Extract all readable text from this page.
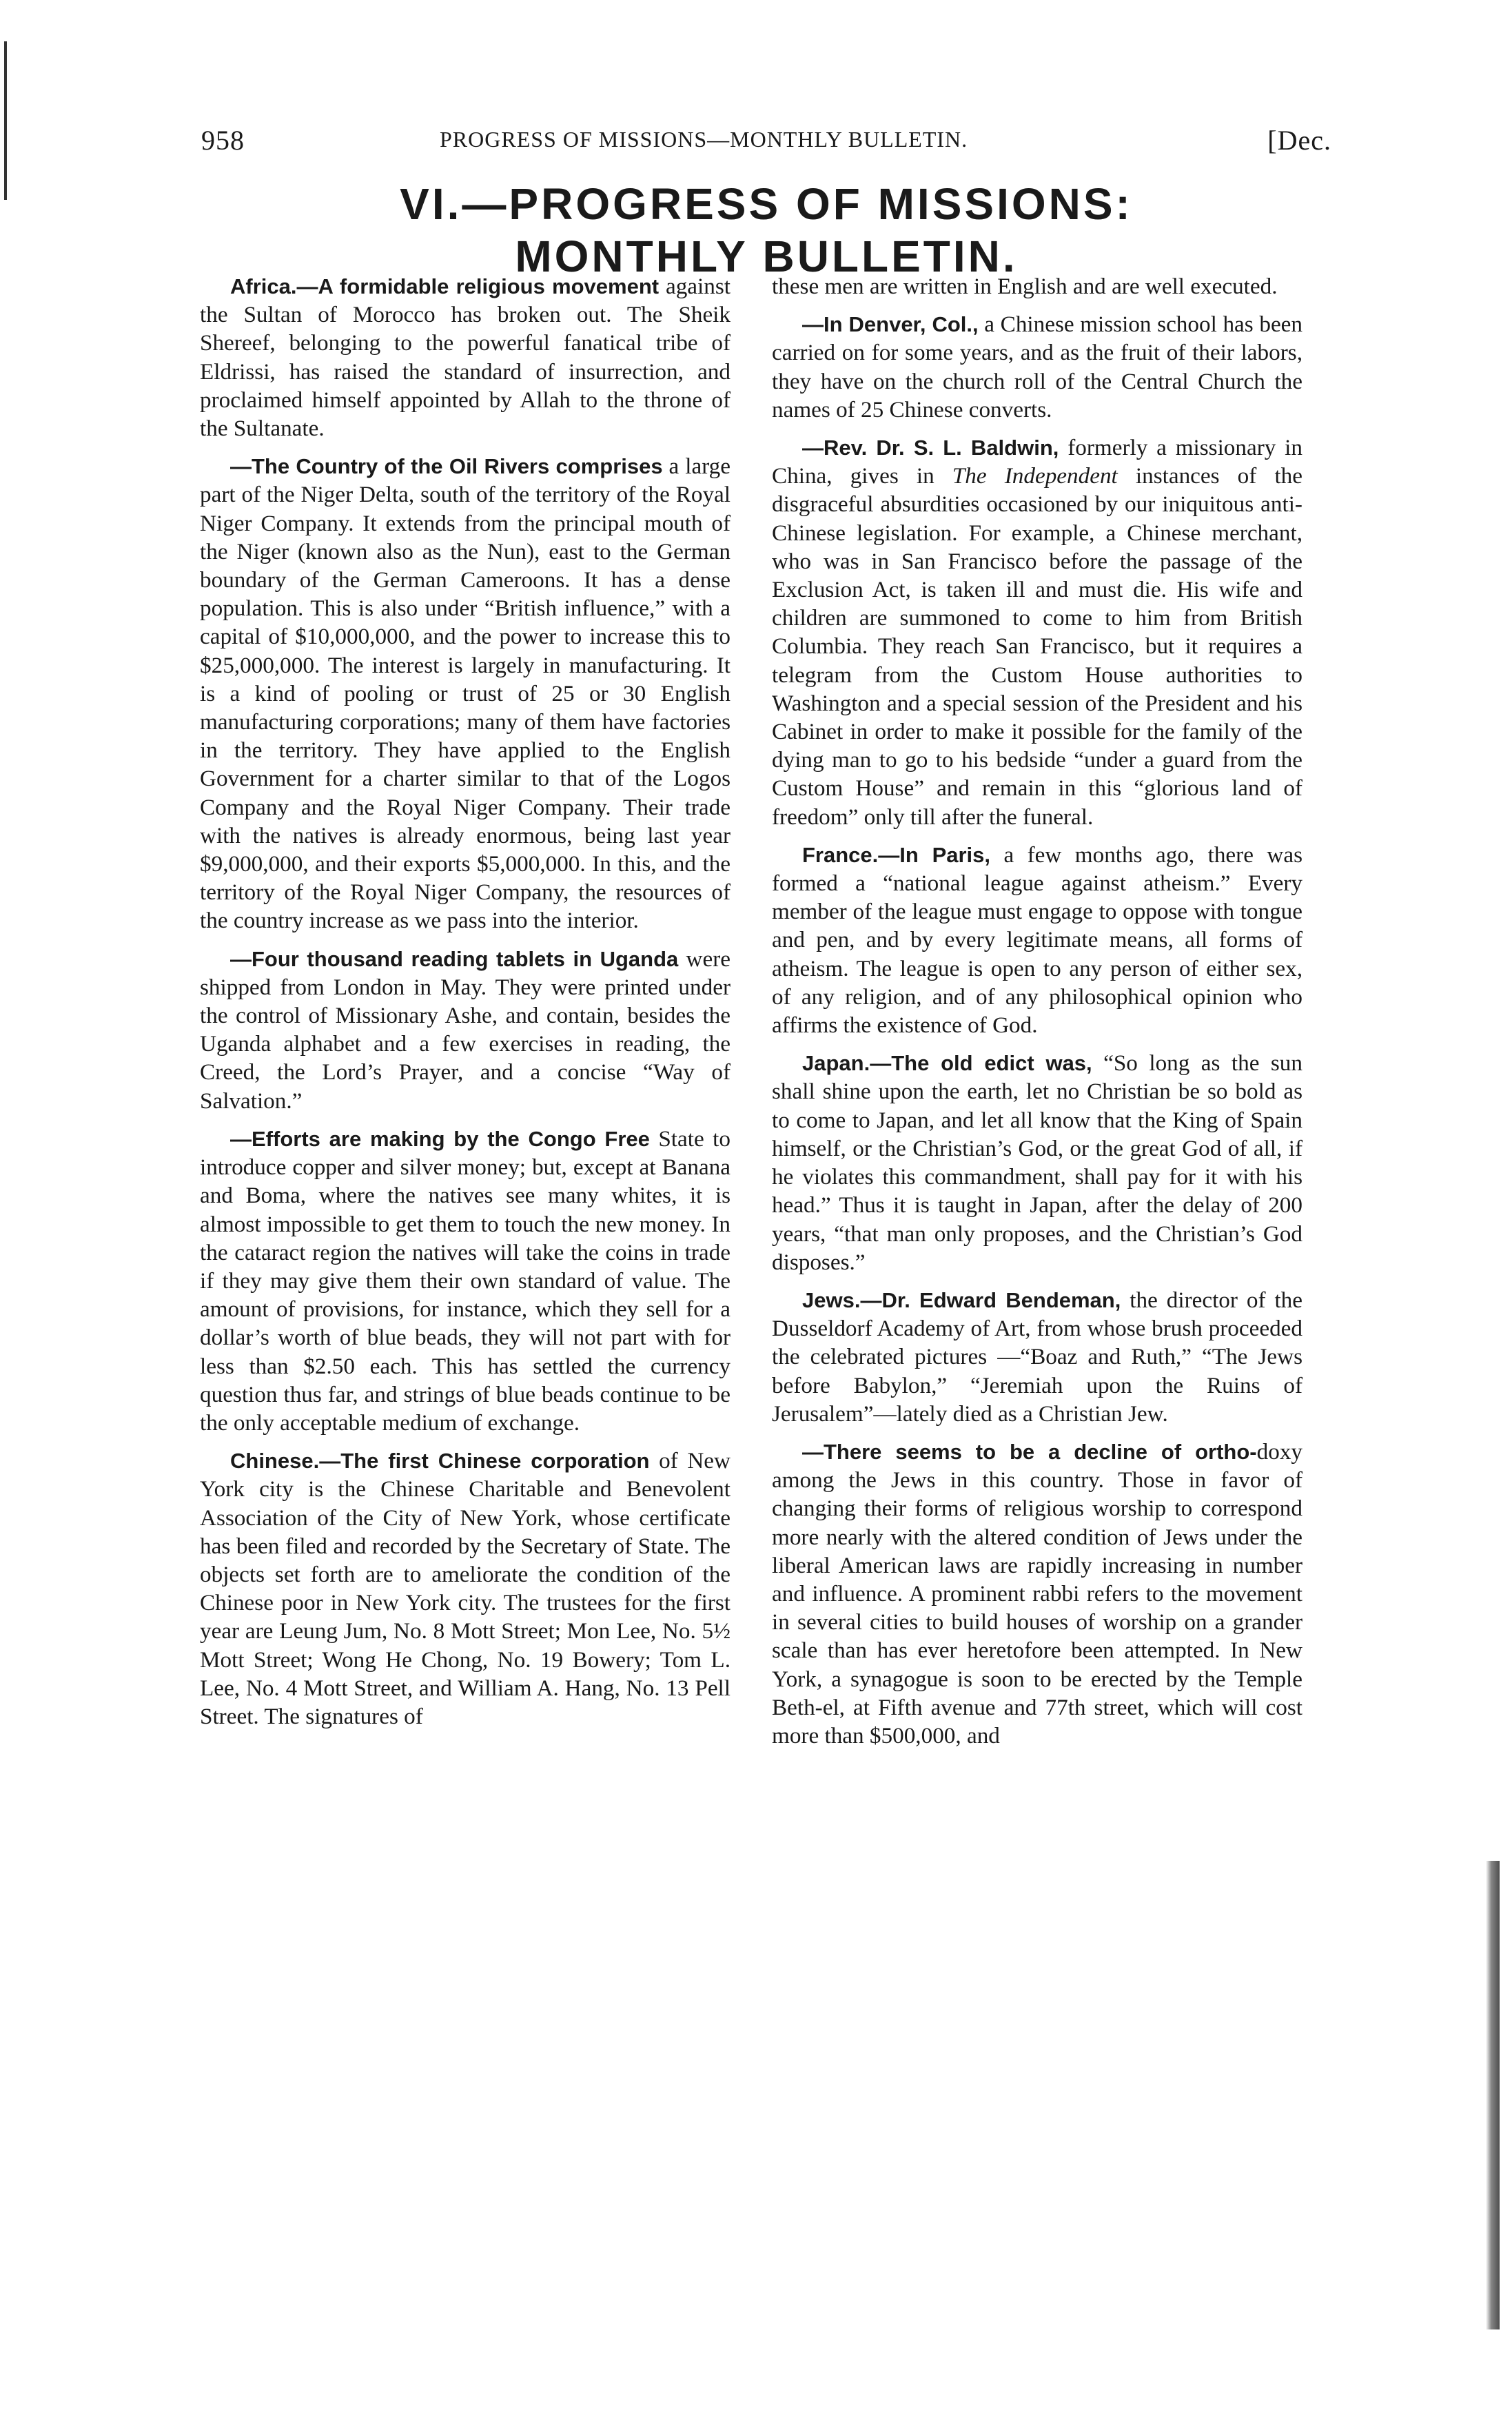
958	PROGRESS OF MISSIONS—MONTHLY BULLETIN.	[Dec.
VI.—PROGRESS OF MISSIONS:
MONTHLY BULLETIN.

Africa.—A formidable religious movement against the Sultan of Morocco has broken out. The Sheik Shereef, belonging to the powerful fanatical tribe of Eldrissi, has raised the standard of insurrection, and proclaimed himself appointed by Allah to the throne of the Sultanate.

—The Country of the Oil Rivers comprises a large part of the Niger Delta, south of the territory of the Royal Niger Company. It extends from the principal mouth of the Niger (known also as the Nun), east to the German boundary of the German Cameroons. It has a dense population. This is also under “British influence,” with a capital of $10,000,000, and the power to increase this to $25,000,000. The interest is largely in manufacturing. It is a kind of pooling or trust of 25 or 30 English manufacturing corporations; many of them have factories in the territory. They have applied to the English Government for a charter similar to that of the Logos Company and the Royal Niger Company. Their trade with the natives is already enormous, being last year $9,000,000, and their exports $5,000,000. In this, and the territory of the Royal Niger Company, the resources of the country increase as we pass into the interior.

—Four thousand reading tablets in Uganda were shipped from London in May. They were printed under the control of Missionary Ashe, and contain, besides the Uganda alphabet and a few exercises in reading, the Creed, the Lord’s Prayer, and a concise “Way of Salvation.”

—Efforts are making by the Congo Free State to introduce copper and silver money; but, except at Banana and Boma, where the natives see many whites, it is almost impossible to get them to touch the new money. In the cataract region the natives will take the coins in trade if they may give them their own standard of value. The amount of provisions, for instance, which they sell for a dollar’s worth of blue beads, they will not part with for less than $2.50 each. This has settled the currency question thus far, and strings of blue beads continue to be the only acceptable medium of exchange.

Chinese.—The first Chinese corporation of New York city is the Chinese Charitable and Benevolent Association of the City of New York, whose certificate has been filed and recorded by the Secretary of State. The objects set forth are to ameliorate the condition of the Chinese poor in New York city. The trustees for the first year are Leung Jum, No. 8 Mott Street; Mon Lee, No. 5½ Mott Street; Wong He Chong, No. 19 Bowery; Tom L. Lee, No. 4 Mott Street, and William A. Hang, No. 13 Pell Street. The signatures of

these men are written in English and are well executed.

—In Denver, Col., a Chinese mission school has been carried on for some years, and as the fruit of their labors, they have on the church roll of the Central Church the names of 25 Chinese converts.

—Rev. Dr. S. L. Baldwin, formerly a missionary in China, gives in The Independent instances of the disgraceful absurdities occasioned by our iniquitous anti-Chinese legislation. For example, a Chinese merchant, who was in San Francisco before the passage of the Exclusion Act, is taken ill and must die. His wife and children are summoned to come to him from British Columbia. They reach San Francisco, but it requires a telegram from the Custom House authorities to Washington and a special session of the President and his Cabinet in order to make it possible for the family of the dying man to go to his bedside “under a guard from the Custom House” and remain in this “glorious land of freedom” only till after the funeral.

France.—In Paris, a few months ago, there was formed a “national league against atheism.” Every member of the league must engage to oppose with tongue and pen, and by every legitimate means, all forms of atheism. The league is open to any person of either sex, of any religion, and of any philosophical opinion who affirms the existence of God.

Japan.—The old edict was, “So long as the sun shall shine upon the earth, let no Christian be so bold as to come to Japan, and let all know that the King of Spain himself, or the Christian’s God, or the great God of all, if he violates this commandment, shall pay for it with his head.” Thus it is taught in Japan, after the delay of 200 years, “that man only proposes, and the Christian’s God disposes.”

Jews.—Dr. Edward Bendeman, the director of the Dusseldorf Academy of Art, from whose brush proceeded the celebrated pictures —“Boaz and Ruth,” “The Jews before Babylon,” “Jeremiah upon the Ruins of Jerusalem”—lately died as a Christian Jew.

—There seems to be a decline of ortho-doxy among the Jews in this country. Those in favor of changing their forms of religious worship to correspond more nearly with the altered condition of Jews under the liberal American laws are rapidly increasing in number and influence. A prominent rabbi refers to the movement in several cities to build houses of worship on a grander scale than has ever heretofore been attempted. In New York, a synagogue is soon to be erected by the Temple Beth-el, at Fifth avenue and 77th street, which will cost more than $500,000, and
